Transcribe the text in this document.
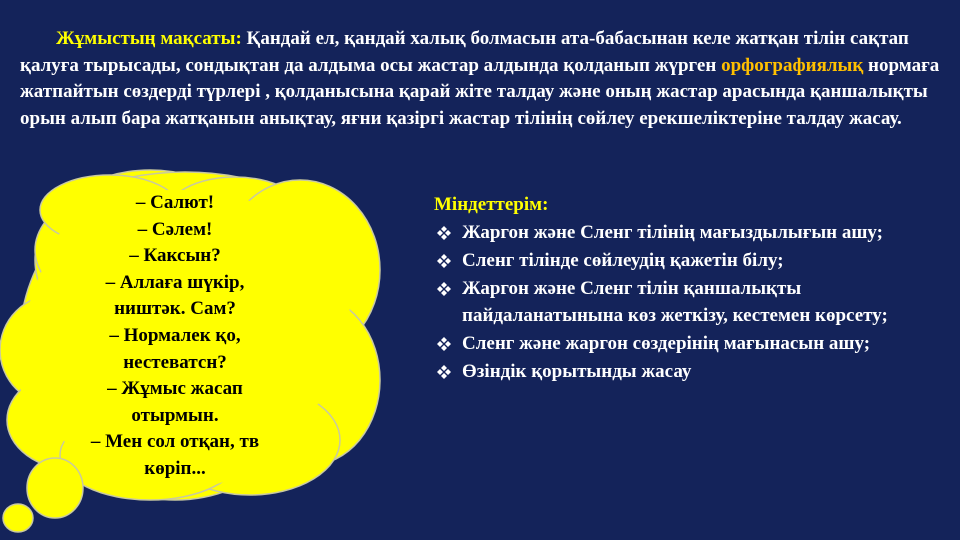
Жұмыстың мақсаты: Қандай ел, қандай халық болмасын ата-бабасынан келе жатқан тілін сақтап қалуға тырысады, сондықтан да алдыма осы жастар алдында қолданып жүрген орфографиялық нормаға жатпайтын сөздерді түрлері , қолданысына қарай жіте талдау және оның жастар арасында қаншалықты орын алып бара жатқанын анықтау, яғни қазіргі жастар тілінің сөйлеу ерекшеліктеріне талдау жасау.

– Салют!
– Сәлем!
– Каксын?
– Аллаға шүкір,
ништәк. Сам?
– Нормалек қо,
нестеватсн?
– Жұмыс жасап
отырмын.
– Мен сол отқан, тв
көріп...

Міндеттерім:

Жаргон және Сленг тілінің мағыздылығын ашу;
Сленг тілінде сөйлеудің қажетін білу;
Жаргон және Сленг тілін қаншалықты пайдаланатынына көз жеткізу, кестемен көрсету;
Сленг және жаргон сөздерінің мағынасын ашу;
Өзіндік қорытынды жасау
